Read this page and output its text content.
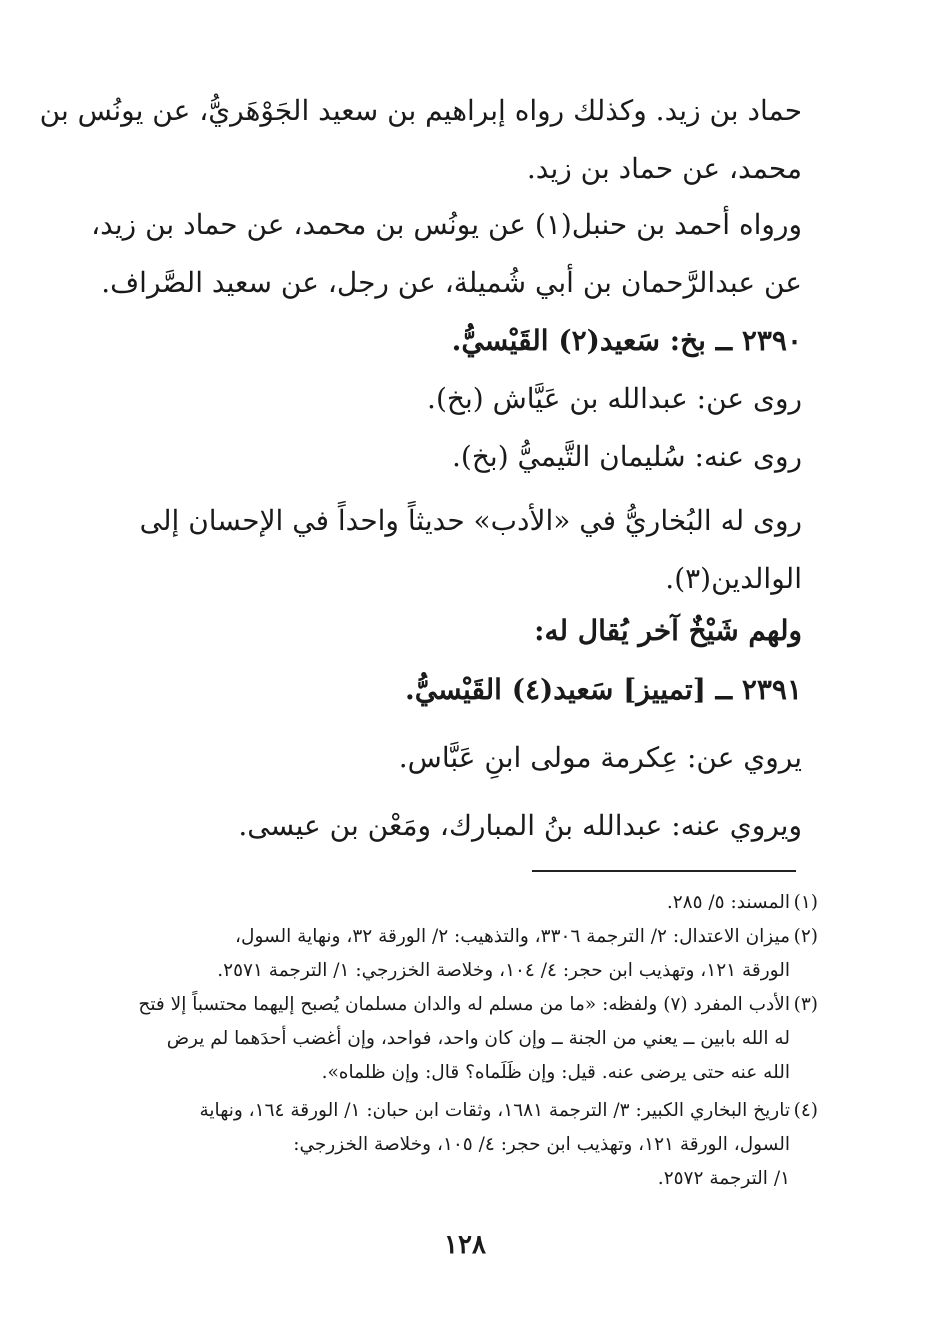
حماد بن زيد. وكذلك رواه إبراهيم بن سعيد الجَوْهَريُّ، عن يونُس بن
محمد، عن حماد بن زيد.
ورواه أحمد بن حنبل(١) عن يونُس بن محمد، عن حماد بن زيد،
عن عبدالرَّحمان بن أبي شُميلة، عن رجل، عن سعيد الصَّراف.
٢٣٩٠ ــ بخ: سَعيد(٢) القَيْسيُّ.
روى عن: عبدالله بن عَيَّاش (بخ).
روى عنه: سُليمان التَّيميُّ (بخ).
روى له البُخاريُّ في «الأدب» حديثاً واحداً في الإحسان إلى
الوالدين(٣).
ولهم شَيْخٌ آخر يُقال له:
٢٣٩١ ــ [تمييز] سَعيد(٤) القَيْسيُّ.
يروي عن: عِكرمة مولى ابنِ عَبَّاس.
ويروي عنه: عبدالله بنُ المبارك، ومَعْن بن عيسى.
(١)المسند: ٥/ ٢٨٥.
(٢)ميزان الاعتدال: ٢/ الترجمة ٣٣٠٦، والتذهيب: ٢/ الورقة ٣٢، ونهاية السول،
الورقة ١٢١، وتهذيب ابن حجر: ٤/ ١٠٤، وخلاصة الخزرجي: ١/ الترجمة ٢٥٧١.
(٣)الأدب المفرد (٧) ولفظه: «ما من مسلم له والدان مسلمان يُصبح إليهما محتسباً إلا فتح
له الله بابين ــ يعني من الجنة ــ وإن كان واحد، فواحد، وإن أغضب أحدَهما لم يرض
الله عنه حتى يرضى عنه. قيل: وإن ظَلَماه؟ قال: وإن ظلماه».
(٤)تاريخ البخاري الكبير: ٣/ الترجمة ١٦٨١، وثقات ابن حبان: ١/ الورقة ١٦٤، ونهاية
السول، الورقة ١٢١، وتهذيب ابن حجر: ٤/ ١٠٥، وخلاصة الخزرجي:
١/ الترجمة ٢٥٧٢.
١٢٨
